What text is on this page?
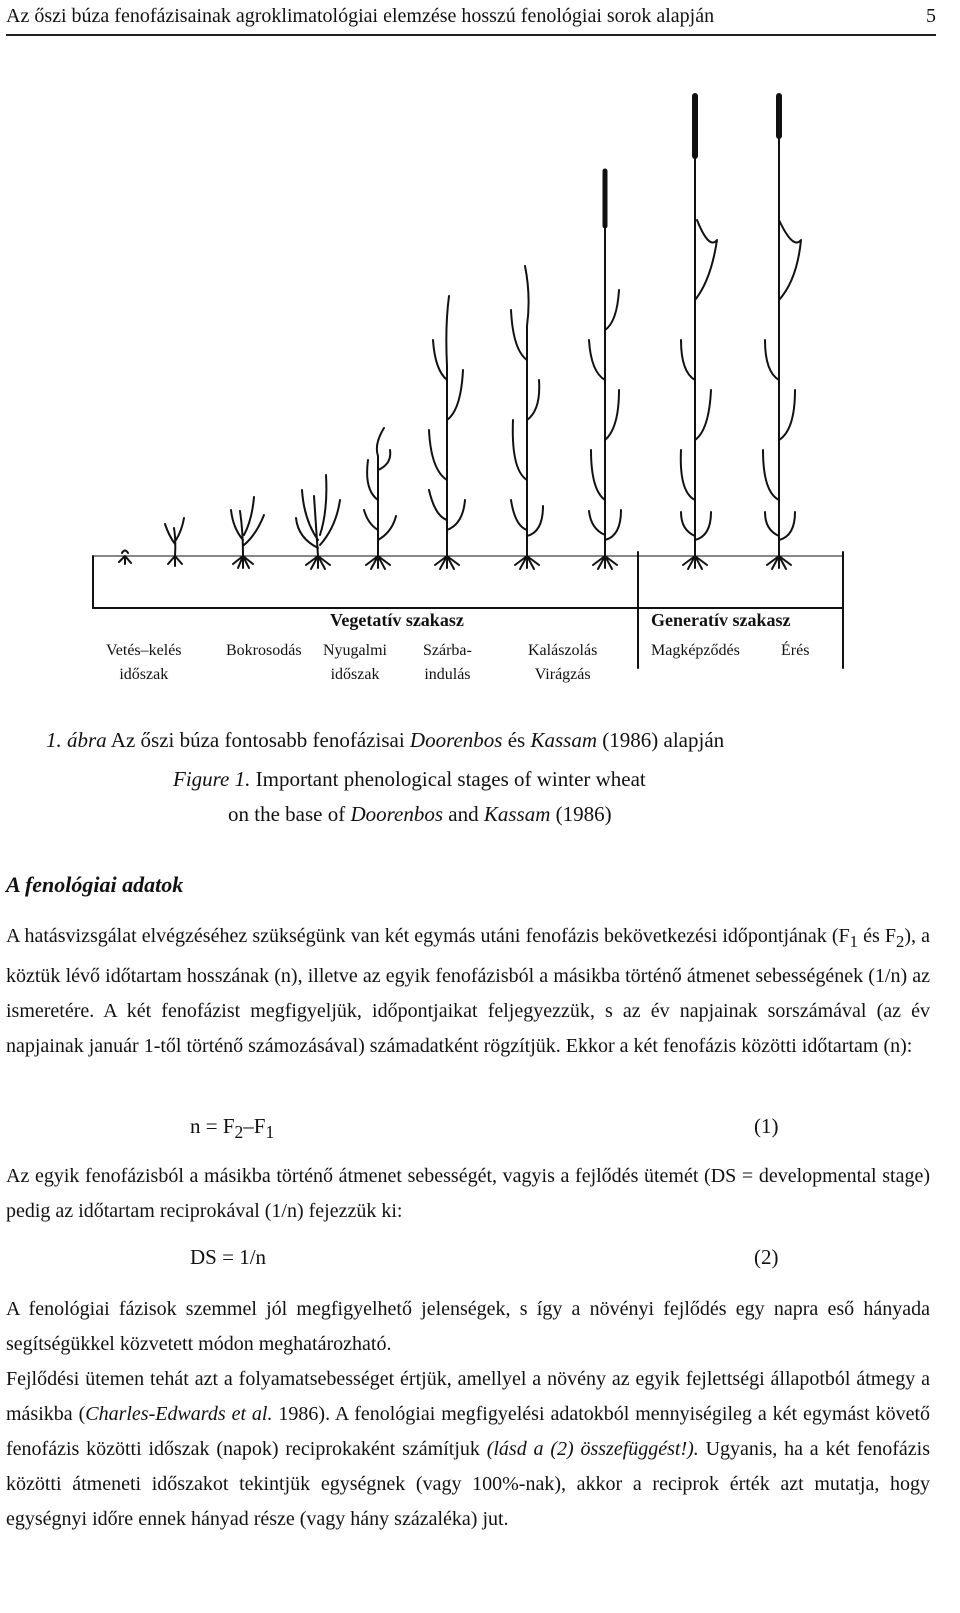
Az őszi búza fenofázisainak agroklimatológiai elemzése hosszú fenológiai sorok alapján	5
Vegetatív szakasz	Generatív szakasz
Vetés–kelés
időszak
Bokrosodás Nyugalmi
időszak
Szárba-
indulás
Kalászolás
Virágzás
Magképződés	Érés
1. ábra Az őszi búza fontosabb fenofázisai Doorenbos és Kassam (1986) alapján
Figure 1. Important phenological stages of winter wheat
on the base of Doorenbos and Kassam (1986)
A fenológiai adatok
A hatásvizsgálat elvégzéséhez szükségünk van két egymás utáni fenofázis bekövetkezési időpontjának ($F_1$ és $F_2$), a köztük lévő időtartam hosszának (n), illetve az egyik fenofázisból a másikba történő átmenet sebességének (1/n) az ismeretére. A két fenofázist megfigyeljük, időpontjaikat feljegyezzük, s az év napjainak sorszámával (az év napjainak január 1-től történő számozásával) számadatként rögzítjük. Ekkor a két fenofázis közötti időtartam (n):
$n = F_2-F_1$	(1)
Az egyik fenofázisból a másikba történő átmenet sebességét, vagyis a fejlődés ütemét (DS = developmental stage) pedig az időtartam reciprokával (1/n) fejezzük ki:
DS = 1/n	(2)
A fenológiai fázisok szemmel jól megfigyelhető jelenségek, s így a növényi fejlődés egy napra eső hányada segítségükkel közvetett módon meghatározható.
Fejlődési ütemen tehát azt a folyamatsebességet értjük, amellyel a növény az egyik fejlettségi állapotból átmegy a másikba (Charles-Edwards et al. 1986). A fenológiai megfigyelési adatokból mennyiségileg a két egymást követő fenofázis közötti időszak (napok) reciprokaként számítjuk (lásd a (2) összefüggést!). Ugyanis, ha a két fenofázis közötti átmeneti időszakot tekintjük egységnek (vagy 100%-nak), akkor a reciprok érték azt mutatja, hogy egységnyi időre ennek hányad része (vagy hány százaléka) jut.
